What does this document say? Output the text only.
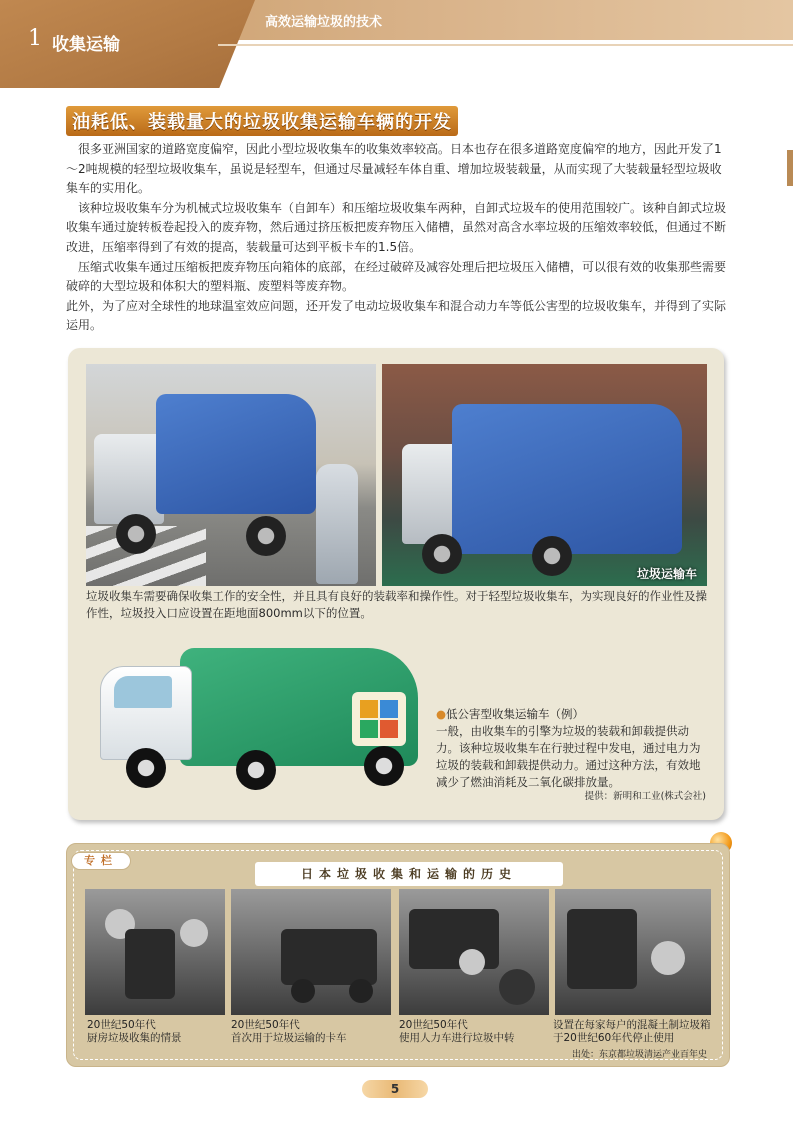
1 收集运输
高效运输垃圾的技术
油耗低、装载量大的垃圾收集运输车辆的开发

很多亚洲国家的道路宽度偏窄，因此小型垃圾收集车的收集效率较高。日本也存在很多道路宽度偏窄的地方，因此开发了1～2吨规模的轻型垃圾收集车，虽说是轻型车，但通过尽量减轻车体自重、增加垃圾装载量，从而实现了大装载量轻型垃圾收集车的实用化。

该种垃圾收集车分为机械式垃圾收集车（自卸车）和压缩垃圾收集车两种，自卸式垃圾车的使用范围较广。该种自卸式垃圾收集车通过旋转板卷起投入的废弃物，然后通过挤压板把废弃物压入储槽，虽然对高含水率垃圾的压缩效率较低，但通过不断改进，压缩率得到了有效的提高，装载量可达到平板卡车的1.5倍。

压缩式收集车通过压缩板把废弃物压向箱体的底部，在经过破碎及减容处理后把垃圾压入储槽，可以很有效的收集那些需要破碎的大型垃圾和体积大的塑料瓶、废塑料等废弃物。

此外，为了应对全球性的地球温室效应问题，还开发了电动垃圾收集车和混合动力车等低公害型的垃圾收集车，并得到了实际运用。

垃圾运输车
垃圾收集车需要确保收集工作的安全性，并且具有良好的装载率和操作性。对于轻型垃圾收集车，为实现良好的作业性及操作性，垃圾投入口应设置在距地面800mm以下的位置。
●低公害型收集运输车（例）
一般，由收集车的引擎为垃圾的装载和卸载提供动力。该种垃圾收集车在行驶过程中发电，通过电力为垃圾的装载和卸载提供动力。通过这种方法，有效地减少了燃油消耗及二氧化碳排放量。
提供：新明和工业(株式会社)
专栏
日本垃圾收集和运输的历史
20世纪50年代
厨房垃圾收集的情景
20世纪50年代
首次用于垃圾运输的卡车
20世纪50年代
使用人力车进行垃圾中转
设置在每家每户的混凝土制垃圾箱
于20世纪60年代停止使用
出处：东京都垃圾清运产业百年史
5
